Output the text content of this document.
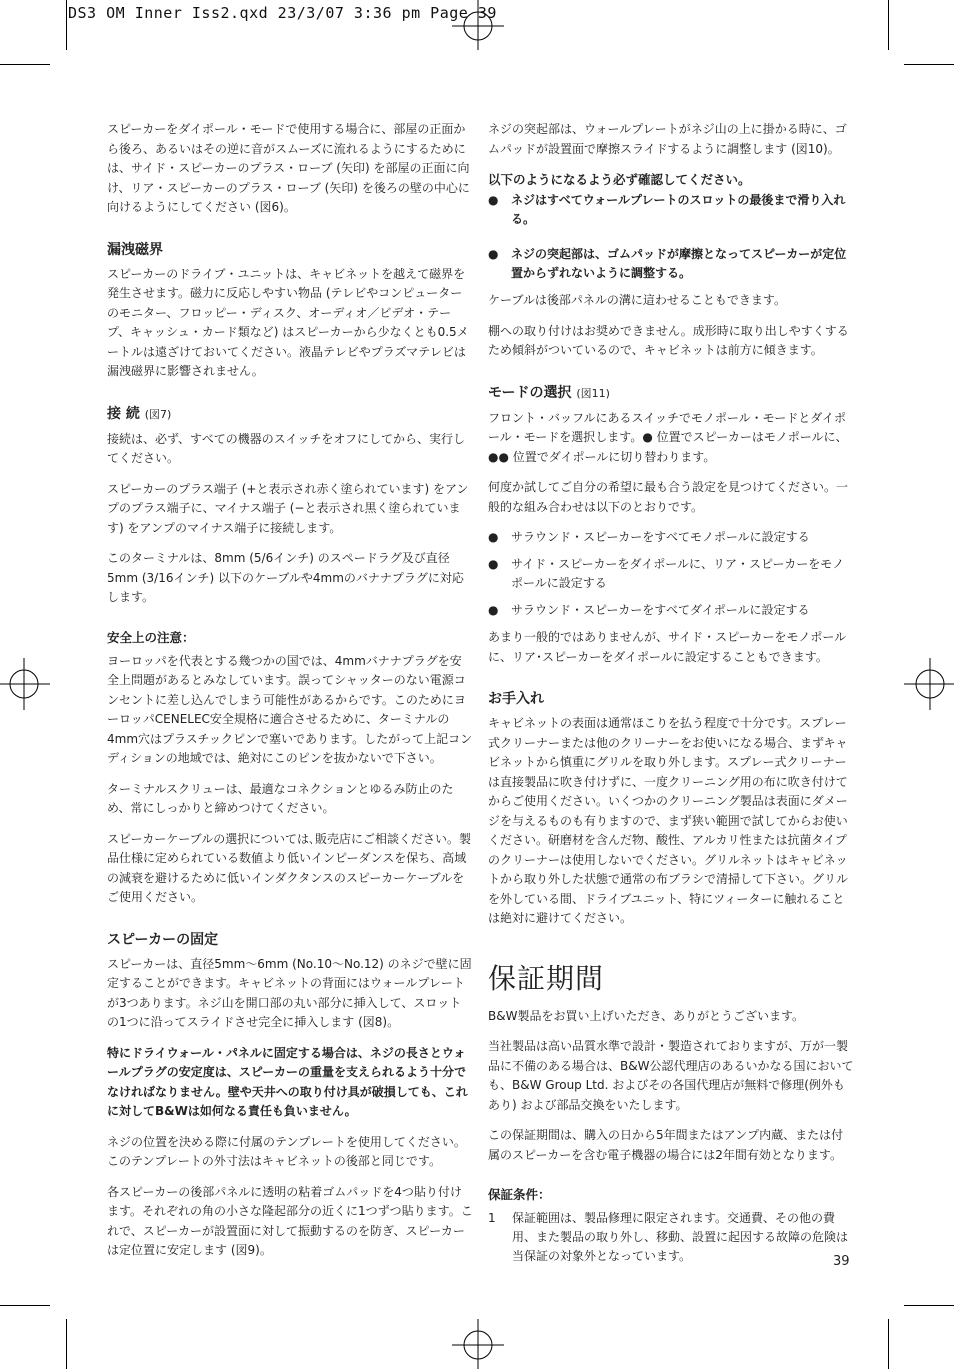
DS3 OM Inner Iss2.qxd 23/3/07 3:36 pm Page 39

スピーカーをダイポール・モードで使用する場合に、部屋の正面から後ろ、あるいはその逆に音がスムーズに流れるようにするためには、サイド・スピーカーのプラス・ローブ (矢印) を部屋の正面に向け、リア・スピーカーのプラス・ローブ (矢印) を後ろの壁の中心に向けるようにしてください (図6)。

漏洩磁界

スピーカーのドライブ・ユニットは、キャビネットを越えて磁界を発生させます。磁力に反応しやすい物品 (テレビやコンピューターのモニター、フロッピー・ディスク、オーディオ／ビデオ・テープ、キャッシュ・カード類など) はスピーカーから少なくとも0.5メートルは遠ざけておいてください。液晶テレビやプラズマテレビは漏洩磁界に影響されません。

接 続 (図7)

接続は、必ず、すべての機器のスイッチをオフにしてから、実行してください。

スピーカーのプラス端子 (+と表示され赤く塗られています) をアンプのプラス端子に、マイナス端子 (−と表示され黒く塗られています) をアンプのマイナス端子に接続します。

このターミナルは、8mm (5/6インチ) のスペードラグ及び直径5mm (3/16インチ) 以下のケーブルや4mmのバナナプラグに対応します。

安全上の注意：

ヨーロッパを代表とする幾つかの国では、4mmバナナプラグを安全上問題があるとみなしています。誤ってシャッターのない電源コンセントに差し込んでしまう可能性があるからです。このためにヨーロッパCENELEC安全規格に適合させるために、ターミナルの4mm穴はプラスチックピンで塞いであります。したがって上記コンディションの地域では、絶対にこのピンを抜かないで下さい。

ターミナルスクリューは、最適なコネクションとゆるみ防止のため、常にしっかりと締めつけてください。

スピーカーケーブルの選択については､販売店にご相談ください。製品仕様に定められている数値より低いインピーダンスを保ち、高域の減衰を避けるために低いインダクタンスのスピーカーケーブルをご使用ください。

スピーカーの固定

スピーカーは、直径5mm～6mm (No.10～No.12) のネジで壁に固定することができます。キャビネットの背面にはウォールプレートが3つあります。ネジ山を開口部の丸い部分に挿入して、スロットの1つに沿ってスライドさせ完全に挿入します (図8)。

特にドライウォール・パネルに固定する場合は、ネジの長さとウォールプラグの安定度は、スピーカーの重量を支えられるよう十分でなければなりません。壁や天井への取り付け具が破損しても、これに対してB&Wは如何なる責任も負いません。

ネジの位置を決める際に付属のテンプレートを使用してください。このテンプレートの外寸法はキャビネットの後部と同じです。

各スピーカーの後部パネルに透明の粘着ゴムパッドを4つ貼り付けます。それぞれの角の小さな隆起部分の近くに1つずつ貼ります。これで、スピーカーが設置面に対して振動するのを防ぎ、スピーカーは定位置に安定します (図9)。

ネジの突起部は、ウォールプレートがネジ山の上に掛かる時に、ゴムパッドが設置面で摩擦スライドするように調整します (図10)。

以下のようになるよう必ず確認してください。
● ネジはすべてウォールプレートのスロットの最後まで滑り入れる。
● ネジの突起部は、ゴムパッドが摩擦となってスピーカーが定位置からずれないように調整する。

ケーブルは後部パネルの溝に這わせることもできます。

棚への取り付けはお奨めできません。成形時に取り出しやすくするため傾斜がついているので、キャビネットは前方に傾きます。

モードの選択 (図11)

フロント・バッフルにあるスイッチでモノポール・モードとダイポール・モードを選択します。● 位置でスピーカーはモノポールに、●● 位置でダイポールに切り替わります。

何度か試してご自分の希望に最も合う設定を見つけてください。一般的な組み合わせは以下のとおりです。

● サラウンド・スピーカーをすべてモノポールに設定する
● サイド・スピーカーをダイポールに、リア・スピーカーをモノポールに設定する
● サラウンド・スピーカーをすべてダイポールに設定する

あまり一般的ではありませんが、サイド・スピーカーをモノポールに、リア･スピーカーをダイポールに設定することもできます。

お手入れ

キャビネットの表面は通常ほこりを払う程度で十分です。スプレー式クリーナーまたは他のクリーナーをお使いになる場合、まずキャビネットから慎重にグリルを取り外します。スプレー式クリーナーは直接製品に吹き付けずに、一度クリーニング用の布に吹き付けてからご使用ください。いくつかのクリーニング製品は表面にダメージを与えるものも有りますので、まず狭い範囲で試してからお使いください。研磨材を含んだ物、酸性、アルカリ性または抗菌タイプのクリーナーは使用しないでください。グリルネットはキャビネットから取り外した状態で通常の布ブラシで清掃して下さい。グリルを外している間、ドライブユニット、特にツィーターに触れることは絶対に避けてください。

保証期間

B&W製品をお買い上げいただき、ありがとうございます。

当社製品は高い品質水準で設計・製造されておりますが、万が一製品に不備のある場合は、B&W公認代理店のあるいかなる国においても、B&W Group Ltd. およびその各国代理店が無料で修理(例外もあり) および部品交換をいたします。

この保証期間は、購入の日から5年間またはアンプ内蔵、または付属のスピーカーを含む電子機器の場合には2年間有効となります。

保証条件：
1 保証範囲は、製品修理に限定されます。交通費、その他の費用、また製品の取り外し、移動、設置に起因する故障の危険は当保証の対象外となっています。	39
